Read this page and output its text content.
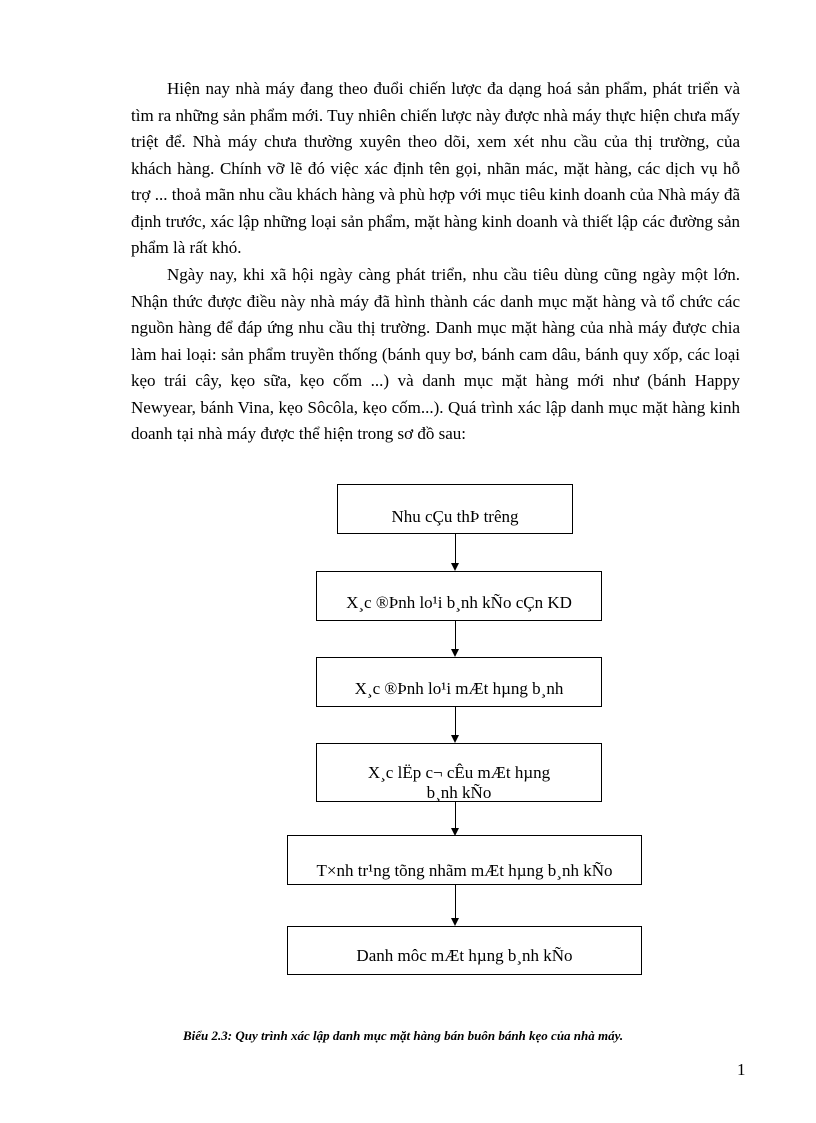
Hiện nay nhà máy đang theo đuổi chiến lược đa dạng hoá sản phẩm, phát triển và tìm ra những sản phẩm mới. Tuy nhiên chiến lược này được nhà máy thực hiện chưa mấy triệt để. Nhà máy chưa thường xuyên theo dõi, xem xét nhu cầu của thị trường, của khách hàng. Chính vỡ lẽ đó việc xác định tên gọi, nhãn mác, mặt hàng, các dịch vụ hỗ trợ ... thoả mãn nhu cầu khách hàng và phù hợp với mục tiêu kinh doanh của Nhà máy đã định trước, xác lập những loại sản phẩm, mặt hàng kinh doanh và thiết lập các đường sản phẩm là rất khó.

Ngày nay, khi xã hội ngày càng phát triển, nhu cầu tiêu dùng cũng ngày một lớn. Nhận thức được điều này nhà máy đã hình thành các danh mục mặt hàng và tổ chức các nguồn hàng để đáp ứng nhu cầu thị trường. Danh mục mặt hàng của nhà máy được chia làm hai loại: sản phẩm truyền thống (bánh quy bơ, bánh cam dâu, bánh quy xốp, các loại kẹo trái cây, kẹo sữa, kẹo cốm ...) và danh mục mặt hàng mới như (bánh Happy Newyear, bánh Vina, kẹo Sôcôla, kẹo cốm...). Quá trình xác lập danh mục mặt hàng kinh doanh tại nhà máy được thể hiện trong sơ đồ sau:

Nhu cÇu thÞ trêng
X¸c ®Þnh lo¹i b¸nh kÑo cÇn KD
X¸c ®Þnh lo¹i mÆt hµng b¸nh
X¸c lËp c¬ cÊu mÆt hµng b¸nh kÑo
T×nh tr¹ng tõng nhãm mÆt hµng b¸nh kÑo
Danh môc mÆt hµng b¸nh kÑo

Biểu 2.3: Quy trình xác lập danh mục mặt hàng bán buôn bánh kẹo của nhà máy.

1
